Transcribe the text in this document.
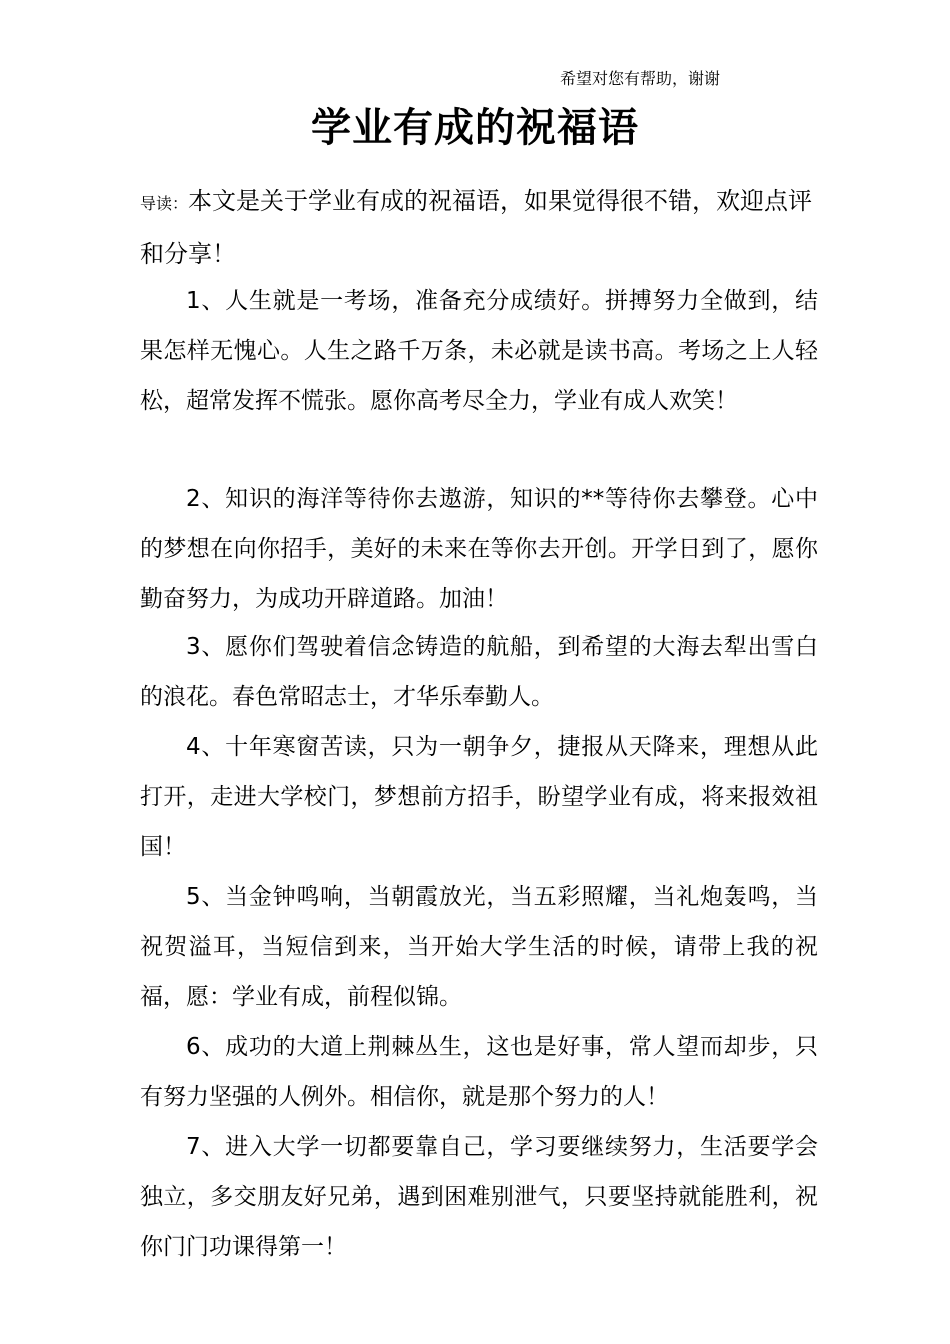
希望对您有帮助，谢谢
学业有成的祝福语
导读：本文是关于学业有成的祝福语，如果觉得很不错，欢迎点评和分享！

1、人生就是一考场，准备充分成绩好。拼搏努力全做到，结果怎样无愧心。人生之路千万条，未必就是读书高。考场之上人轻松，超常发挥不慌张。愿你高考尽全力，学业有成人欢笑！

2、知识的海洋等待你去遨游，知识的**等待你去攀登。心中的梦想在向你招手，美好的未来在等你去开创。开学日到了，愿你勤奋努力，为成功开辟道路。加油！

3、愿你们驾驶着信念铸造的航船，到希望的大海去犁出雪白的浪花。春色常昭志士，才华乐奉勤人。

4、十年寒窗苦读，只为一朝争夕，捷报从天降来，理想从此打开，走进大学校门，梦想前方招手，盼望学业有成，将来报效祖国！

5、当金钟鸣响，当朝霞放光，当五彩照耀，当礼炮轰鸣，当祝贺溢耳，当短信到来，当开始大学生活的时候，请带上我的祝福，愿：学业有成，前程似锦。

6、成功的大道上荆棘丛生，这也是好事，常人望而却步，只有努力坚强的人例外。相信你，就是那个努力的人！

7、进入大学一切都要靠自己，学习要继续努力，生活要学会独立，多交朋友好兄弟，遇到困难别泄气，只要坚持就能胜利，祝你门门功课得第一！
